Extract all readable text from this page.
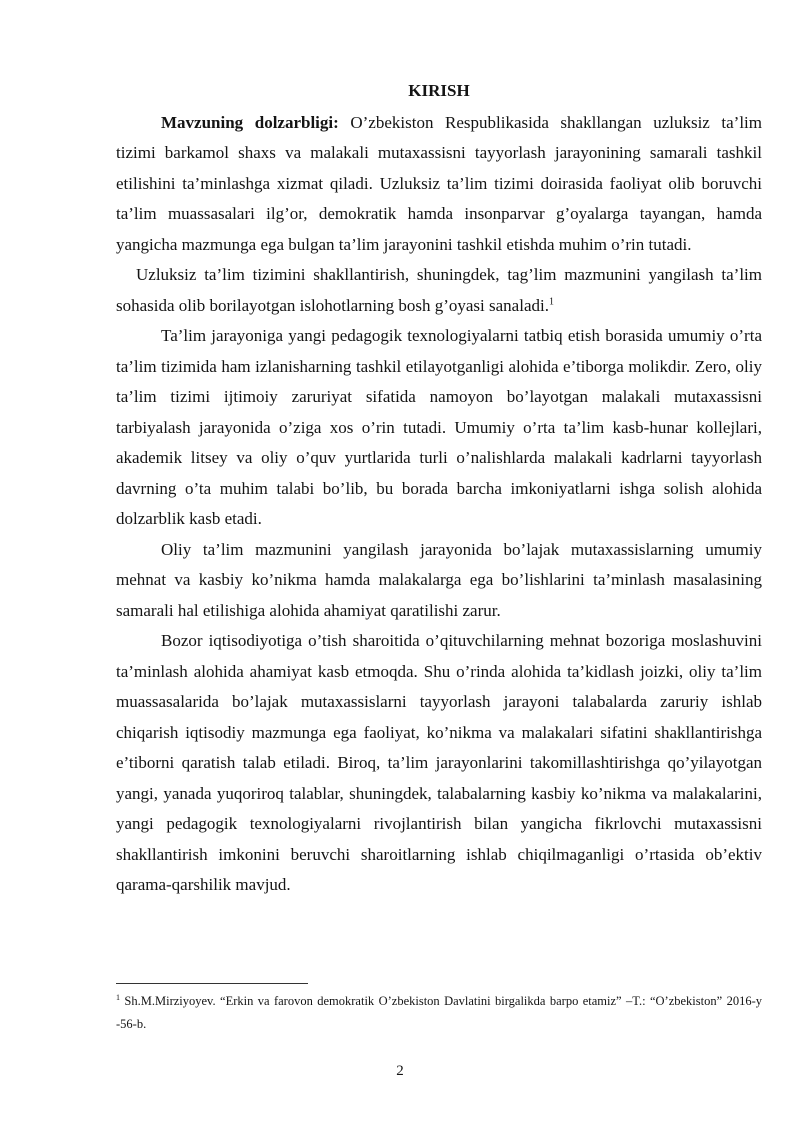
KIRISH

Mavzuning dolzarbligi: O’zbekiston Respublikasida shakllangan uzluksiz ta’lim tizimi barkamol shaxs va malakali mutaxassisni tayyorlash jarayonining samarali tashkil etilishini ta’minlashga xizmat qiladi. Uzluksiz ta’lim tizimi doirasida faoliyat olib boruvchi ta’lim muassasalari ilg’or, demokratik hamda insonparvar g’oyalarga tayangan, hamda yangicha mazmunga ega bulgan ta’lim jarayonini tashkil etishda muhim o’rin tutadi.

Uzluksiz ta’lim tizimini shakllantirish, shuningdek, tag’lim mazmunini yangilash ta’lim sohasida olib borilayotgan islohotlarning bosh g’oyasi sanaladi.$^1$

Ta’lim jarayoniga yangi pedagogik texnologiyalarni tatbiq etish borasida umumiy o’rta ta’lim tizimida ham izlanisharning tashkil etilayotganligi alohida e’tiborga molikdir. Zero, oliy ta’lim tizimi ijtimoiy zaruriyat sifatida namoyon bo’layotgan malakali mutaxassisni tarbiyalash jarayonida o’ziga xos o’rin tutadi. Umumiy o’rta ta’lim kasb-hunar kollejlari, akademik litsey va oliy o’quv yurtlarida turli o’nalishlarda malakali kadrlarni tayyorlash davrning o’ta muhim talabi bo’lib, bu borada barcha imkoniyatlarni ishga solish alohida dolzarblik kasb etadi.

Oliy ta’lim mazmunini yangilash jarayonida bo’lajak mutaxassislarning umumiy mehnat va kasbiy ko’nikma hamda malakalarga ega bo’lishlarini ta’minlash masalasining samarali hal etilishiga alohida ahamiyat qaratilishi zarur.

Bozor iqtisodiyotiga o’tish sharoitida o’qituvchilarning mehnat bozoriga moslashuvini ta’minlash alohida ahamiyat kasb etmoqda. Shu o’rinda alohida ta’kidlash joizki, oliy ta’lim muassasalarida bo’lajak mutaxassislarni tayyorlash jarayoni talabalarda zaruriy ishlab chiqarish iqtisodiy mazmunga ega faoliyat, ko’nikma va malakalari sifatini shakllantirishga e’tiborni qaratish talab etiladi. Biroq, ta’lim jarayonlarini takomillashtirishga qo’yilayotgan yangi, yanada yuqoriroq talablar, shuningdek, talabalarning kasbiy ko’nikma va malakalarini, yangi pedagogik texnologiyalarni rivojlantirish bilan yangicha fikrlovchi mutaxassisni shakllantirish imkonini beruvchi sharoitlarning ishlab chiqilmaganligi o’rtasida ob’ektiv qarama-qarshilik mavjud.

$^1$ Sh.M.Mirziyoyev. “Erkin va farovon demokratik O’zbekiston Davlatini birgalikda barpo etamiz” –T.: “O’zbekiston” 2016-y -56-b.

2
